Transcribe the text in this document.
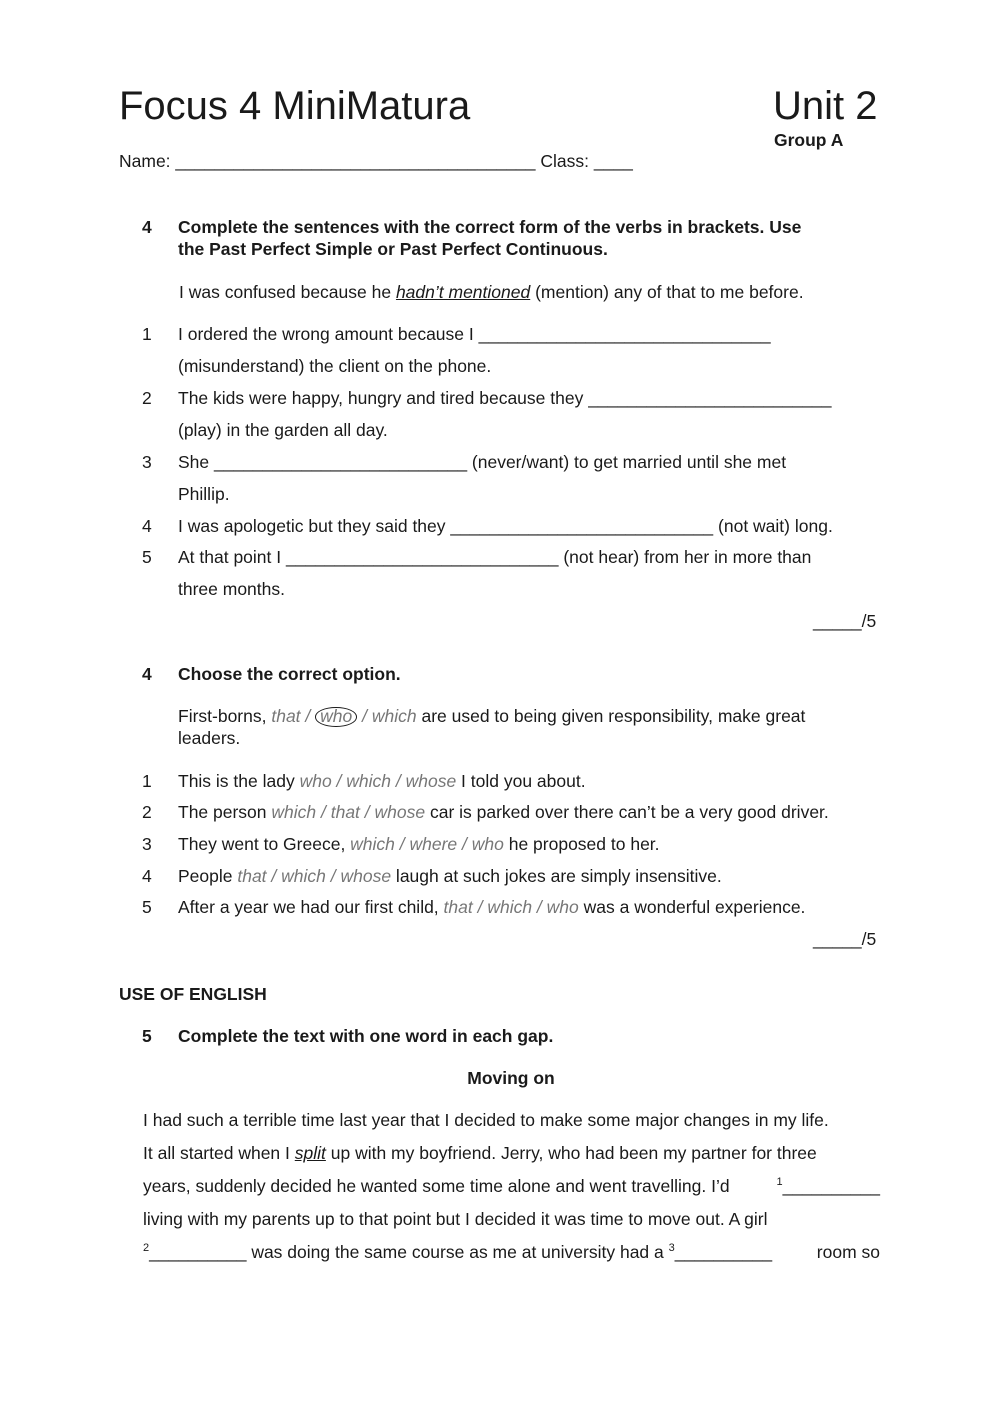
Focus 4 MiniMatura	Unit 2
Group A
Name: _____________________________________ Class: ____
4 Complete the sentences with the correct form of the verbs in brackets. Use
the Past Perfect Simple or Past Perfect Continuous.
I was confused because he hadn’t mentioned (mention) any of that to me before.
1 I ordered the wrong amount because I ______________________________
(misunderstand) the client on the phone.
2 The kids were happy, hungry and tired because they _________________________
(play) in the garden all day.
3 She __________________________ (never/want) to get married until she met
Phillip.
4 I was apologetic but they said they ___________________________ (not wait) long.
5 At that point I ____________________________ (not hear) from her in more than
three months.
_____/5
4 Choose the correct option.
First-borns, that / who / which are used to being given responsibility, make great
leaders.
1 This is the lady who / which / whose I told you about.
2 The person which / that / whose car is parked over there can’t be a very good driver.
3 They went to Greece, which / where / who he proposed to her.
4 People that / which / whose laugh at such jokes are simply insensitive.
5 After a year we had our first child, that / which / who was a wonderful experience.
_____/5
USE OF ENGLISH
5 Complete the text with one word in each gap.
Moving on
I had such a terrible time last year that I decided to make some major changes in my life.
It all started when I split up with my boyfriend. Jerry, who had been my partner for three
years, suddenly decided he wanted some time alone and went travelling. I’d	$^1$__________
living with my parents up to that point but I decided it was time to move out. A girl
$^2$__________ was doing the same course as me at university had a $^3$__________	room so
